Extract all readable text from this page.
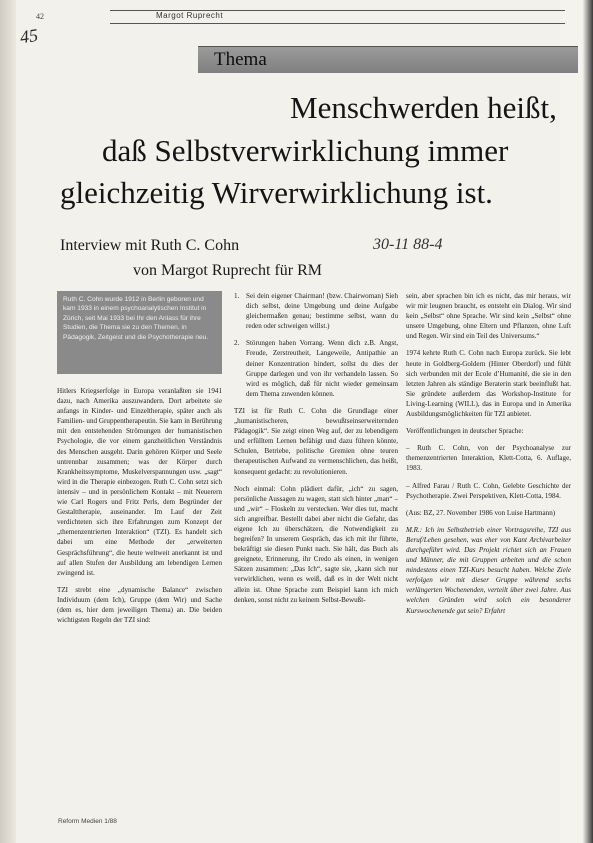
42	Margot Ruprecht
45
Thema
Menschwerden heißt,
daß Selbstverwirklichung immer
gleichzeitig Wirverwirklichung ist.
Interview mit Ruth C. Cohn
von Margot Ruprecht für RM
30-11 88-4

Ruth C. Cohn wurde 1912 in Berlin geboren und kam 1933 in einem psychoanalytischen Institut in Zürich, seit Mai 1933 bei Ihr den Anlass für ihre Studien, die Thema sie zu den Themen, in Pädagogik, Zeitgeist und die Psychotherapie neu.

Hitlers Kriegserfolge in Europa veranlaßten sie 1941 dazu, nach Amerika auszuwandern. Dort arbeitete sie anfangs in Kinder- und Einzeltherapie, später auch als Familien- und Gruppentherapeutin. Sie kam in Berührung mit den entstehenden Strömungen der humanistischen Psychologie, die vor einem ganzheitlichen Verständnis des Menschen ausgeht. Darin gehören Körper und Seele untrennbar zusammen; was der Körper durch Krankheitssymptome, Muskelverspannungen usw. „sagt“ wird in die Therapie einbezogen. Ruth C. Cohn setzt sich intensiv – und in persönlichem Kontakt – mit Neuerern wie Carl Rogers und Fritz Perls, dem Begründer der Gestalttherapie, auseinander. Im Lauf der Zeit verdichteten sich ihre Erfahrungen zum Konzept der „themenzentrierten Interaktion“ (TZI). Es handelt sich dabei um eine Methode der „erweiterten Gesprächsführung“, die heute weltweit anerkannt ist und auf allen Stufen der Ausbildung am lebendigen Lernen zwingend ist.

TZI strebt eine „dynamische Balance“ zwischen Individuum (dem Ich), Gruppe (dem Wir) und Sache (dem es, hier dem jeweiligen Thema) an. Die beiden wichtigsten Regeln der TZI sind:

1. Sei dein eigener Chairman! (bzw. Chairwoman) Sieh dich selbst, deine Umgebung und deine Aufgabe gleichermaßen genau; bestimme selbst, wann du reden oder schweigen willst.)

2. Störungen haben Vorrang. Wenn dich z.B. Angst, Freude, Zerstreutheit, Langeweile, Antipathie an deiner Konzentration hindert, sollst du dies der Gruppe darlegen und von ihr verhandeln lassen. So wird es möglich, daß für nicht wieder gemeinsam dem Thema zuwenden können.

TZI ist für Ruth C. Cohn die Grundlage einer „humanistischeren, bewußtseinserweiternden Pädagogik“. Sie zeigt einen Weg auf, der zu lebendigem und erfülltem Lernen befähigt und dazu führen könnte, Schulen, Betriebe, politische Gremien ohne teuren therapeutischen Aufwand zu vermenschlichen, das heißt, konsequent gedacht: zu revolutionieren.

Noch einmal: Cohn plädiert dafür, „ich“ zu sagen, persönliche Aussagen zu wagen, statt sich hinter „man“ – und „wir“ – Floskeln zu verstecken. Wer dies tut, macht sich angreifbar. Bestellt dabei aber nicht die Gefahr, das eigene Ich zu überschätzen, die Notwendigkeit zu begreifen? In unserem Gespräch, das ich mit ihr führte, bekräftigt sie diesen Punkt nach. Sie hält, das Buch als geeignete, Erinnerung, ihr Credo als einen, in wenigen Sätzen zusammen: „Das Ich“, sagte sie, „kann sich nur verwirklichen, wenn es weiß, daß es in der Welt nicht allein ist. Ohne Sprache zum Beispiel kann ich mich denken, sonst nicht zu keinem Selbst-Bewußt-

sein, aber sprachen bin ich es nicht, das mir heraus, wir wir mir leugnen braucht, es entsteht ein Dialog. Wir sind kein „Selbst“ ohne Sprache. Wir sind kein „Selbst“ ohne unsere Umgebung, ohne Eltern und Pflanzen, ohne Luft und Regen. Wir sind ein Teil des Universums.“

1974 kehrte Ruth C. Cohn nach Europa zurück. Sie lebt heute in Goldberg-Goldern (Hinter Oberdorf) und fühlt sich verbunden mit der Ecole d’Humanité, die sie in den letzten Jahren als ständige Beraterin stark beeinflußt hat. Sie gründete außerdem das Workshop-Institute for Living-Learning (WILL), das in Europa und in Amerika Ausbildungsmöglichkeiten für TZI anbietet.

Veröffentlichungen in deutscher Sprache:

– Ruth C. Cohn, von der Psychoanalyse zur themenzentrierten Interaktion, Klett-Cotta, 6. Auflage, 1983.

– Alfred Farau / Ruth C. Cohn, Gelebte Geschichte der Psychotherapie. Zwei Perspektiven, Klett-Cotta, 1984.

(Aus: BZ, 27. November 1986 von Luise Hartmann)

M.R.: Ich im Selbstbetrieb einer Vortragsreihe, TZI aus Beruf/Leben gesehen, was eher von Kant Archivarbeiter durchgeführt wird. Das Projekt richtet sich an Frauen und Männer, die mit Gruppen arbeiten und die schon mindestens einen TZI-Kurs besucht haben. Welche Ziele verfolgen wir mit dieser Gruppe während sechs verlängerten Wochenenden, verteilt über zwei Jahre. Aus welchen Gründen wird solch ein besonderer Kurswochenende gut sein? Erfahrt

Reform Medien 1/88
